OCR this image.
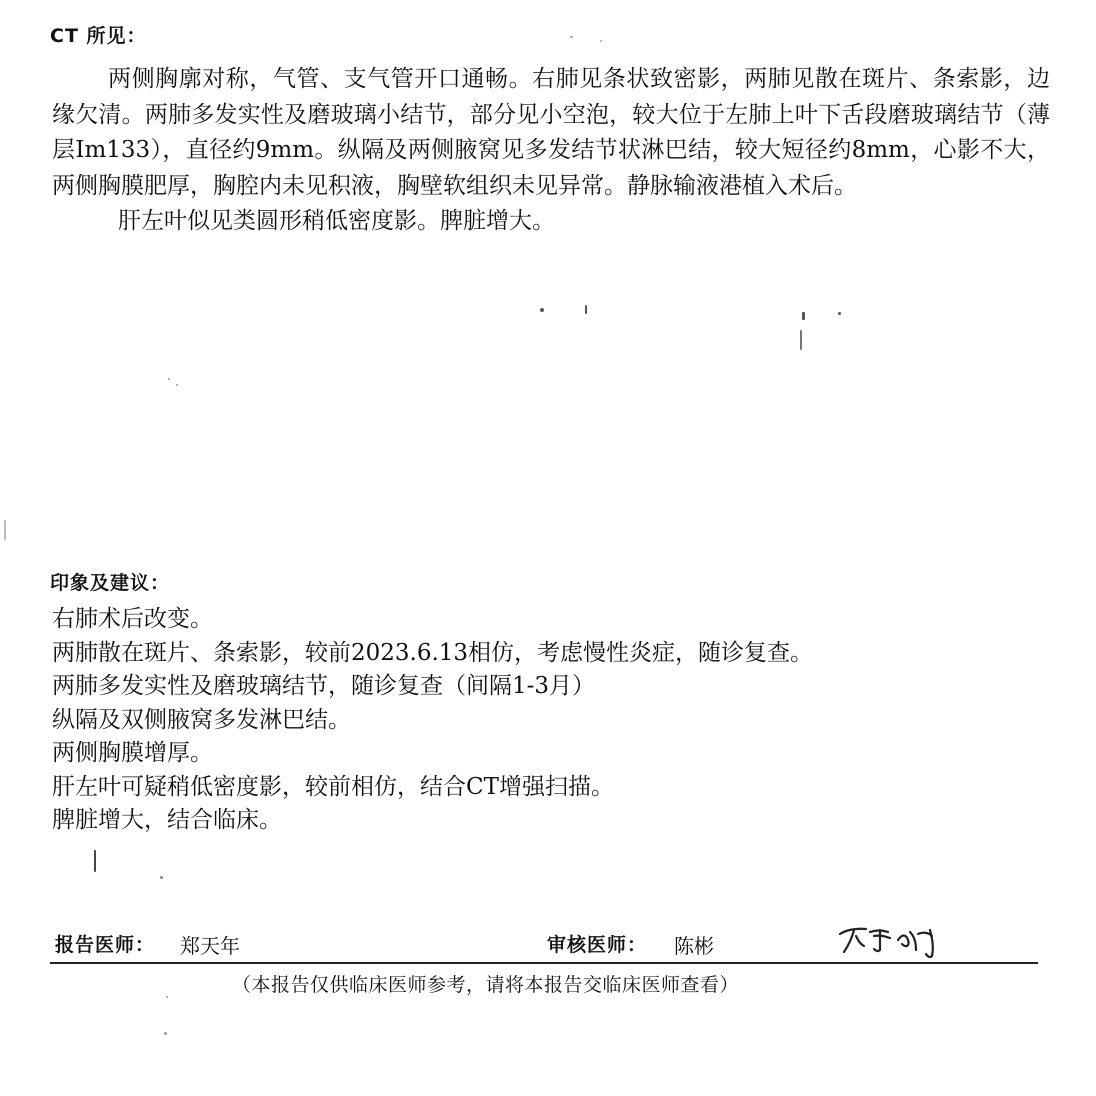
CT 所见：

两侧胸廓对称，气管、支气管开口通畅。右肺见条状致密影，两肺见散在斑片、条索影，边缘欠清。两肺多发实性及磨玻璃小结节，部分见小空泡，较大位于左肺上叶下舌段磨玻璃结节（薄层Im133），直径约9mm。纵隔及两侧腋窝见多发结节状淋巴结，较大短径约8mm，心影不大，两侧胸膜肥厚，胸腔内未见积液，胸壁软组织未见异常。静脉输液港植入术后。

肝左叶似见类圆形稍低密度影。脾脏增大。

印象及建议：
右肺术后改变。
两肺散在斑片、条索影，较前2023.6.13相仿，考虑慢性炎症，随诊复查。
两肺多发实性及磨玻璃结节，随诊复查（间隔1-3月）
纵隔及双侧腋窝多发淋巴结。
两侧胸膜增厚。
肝左叶可疑稍低密度影，较前相仿，结合CT增强扫描。
脾脏增大，结合临床。
报告医师： 郑天年	审核医师： 陈彬
（本报告仅供临床医师参考，请将本报告交临床医师查看）
